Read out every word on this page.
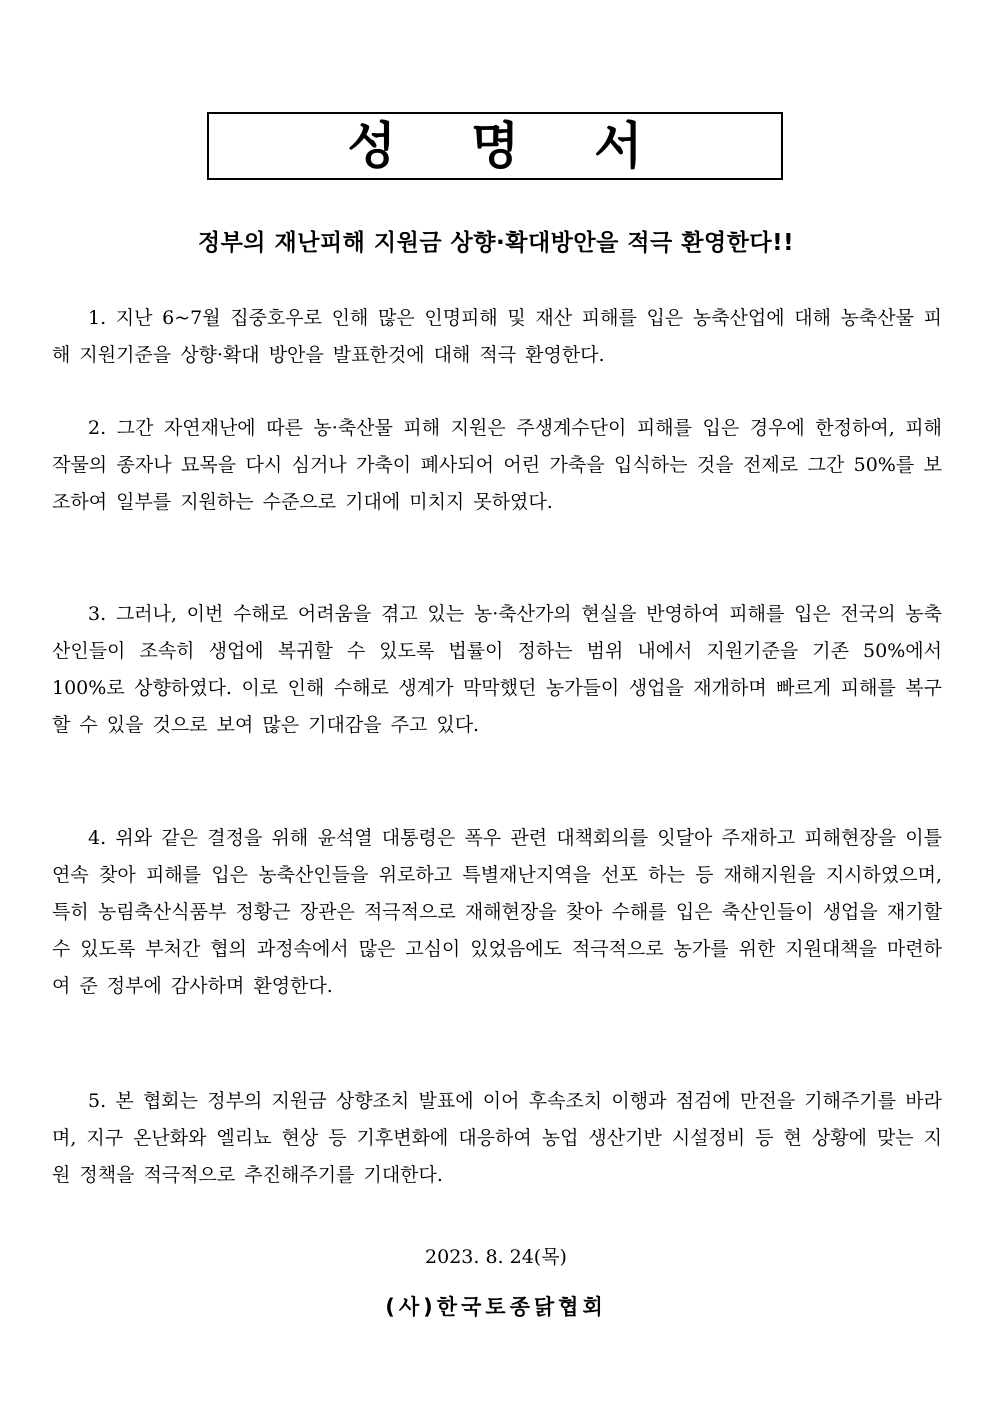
성명서
정부의 재난피해 지원금 상향·확대방안을 적극 환영한다!!

1. 지난 6~7월 집중호우로 인해 많은 인명피해 및 재산 피해를 입은 농축산업에 대해 농축산물 피해 지원기준을 상향·확대 방안을 발표한것에 대해 적극 환영한다.

2. 그간 자연재난에 따른 농·축산물 피해 지원은 주생계수단이 피해를 입은 경우에 한정하여, 피해 작물의 종자나 묘목을 다시 심거나 가축이 폐사되어 어린 가축을 입식하는 것을 전제로 그간 50%를 보조하여 일부를 지원하는 수준으로 기대에 미치지 못하였다.

3. 그러나, 이번 수해로 어려움을 겪고 있는 농·축산가의 현실을 반영하여 피해를 입은 전국의 농축산인들이 조속히 생업에 복귀할 수 있도록 법률이 정하는 범위 내에서 지원기준을 기존 50%에서 100%로 상향하였다. 이로 인해 수해로 생계가 막막했던 농가들이 생업을 재개하며 빠르게 피해를 복구할 수 있을 것으로 보여 많은 기대감을 주고 있다.

4. 위와 같은 결정을 위해 윤석열 대통령은 폭우 관련 대책회의를 잇달아 주재하고 피해현장을 이틀 연속 찾아 피해를 입은 농축산인들을 위로하고 특별재난지역을 선포 하는 등 재해지원을 지시하였으며, 특히 농림축산식품부 정황근 장관은 적극적으로 재해현장을 찾아 수해를 입은 축산인들이 생업을 재기할 수 있도록 부처간 협의 과정속에서 많은 고심이 있었음에도 적극적으로 농가를 위한 지원대책을 마련하여 준 정부에 감사하며 환영한다.

5. 본 협회는 정부의 지원금 상향조치 발표에 이어 후속조치 이행과 점검에 만전을 기해주기를 바라며, 지구 온난화와 엘리뇨 현상 등 기후변화에 대응하여 농업 생산기반 시설정비 등 현 상황에 맞는 지원 정책을 적극적으로 추진해주기를 기대한다.

2023. 8. 24(목)
(사)한국토종닭협회
